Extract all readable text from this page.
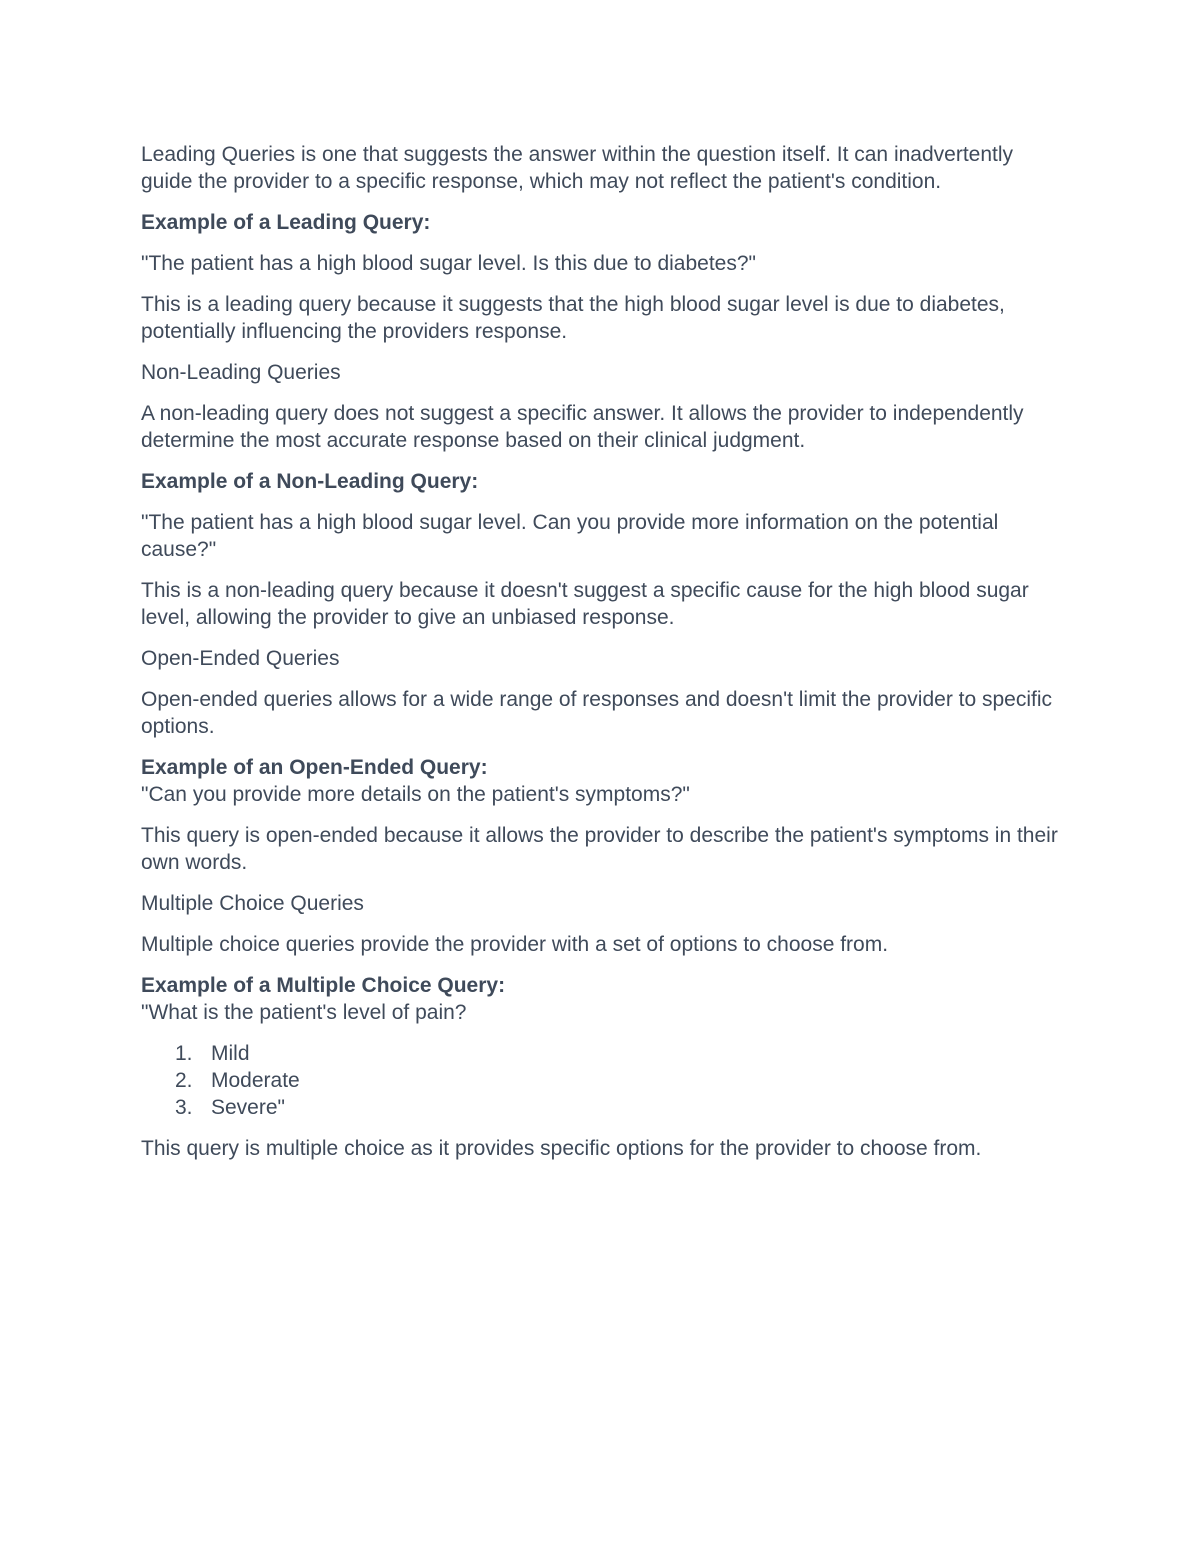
Leading Queries is one that suggests the answer within the question itself. It can inadvertently guide the provider to a specific response, which may not reflect the patient's condition.

Example of a Leading Query:

"The patient has a high blood sugar level. Is this due to diabetes?"

This is a leading query because it suggests that the high blood sugar level is due to diabetes, potentially influencing the providers response.

Non-Leading Queries

A non-leading query does not suggest a specific answer. It allows the provider to independently determine the most accurate response based on their clinical judgment.

Example of a Non-Leading Query:

"The patient has a high blood sugar level. Can you provide more information on the potential cause?"

This is a non-leading query because it doesn't suggest a specific cause for the high blood sugar level, allowing the provider to give an unbiased response.

Open-Ended Queries

Open-ended queries allows for a wide range of responses and doesn't limit the provider to specific options.

Example of an Open-Ended Query:

"Can you provide more details on the patient's symptoms?"

This query is open-ended because it allows the provider to describe the patient's symptoms in their own words.

Multiple Choice Queries

Multiple choice queries provide the provider with a set of options to choose from.

Example of a Multiple Choice Query:

"What is the patient's level of pain?

1. Mild
2. Moderate
3. Severe"

This query is multiple choice as it provides specific options for the provider to choose from.
